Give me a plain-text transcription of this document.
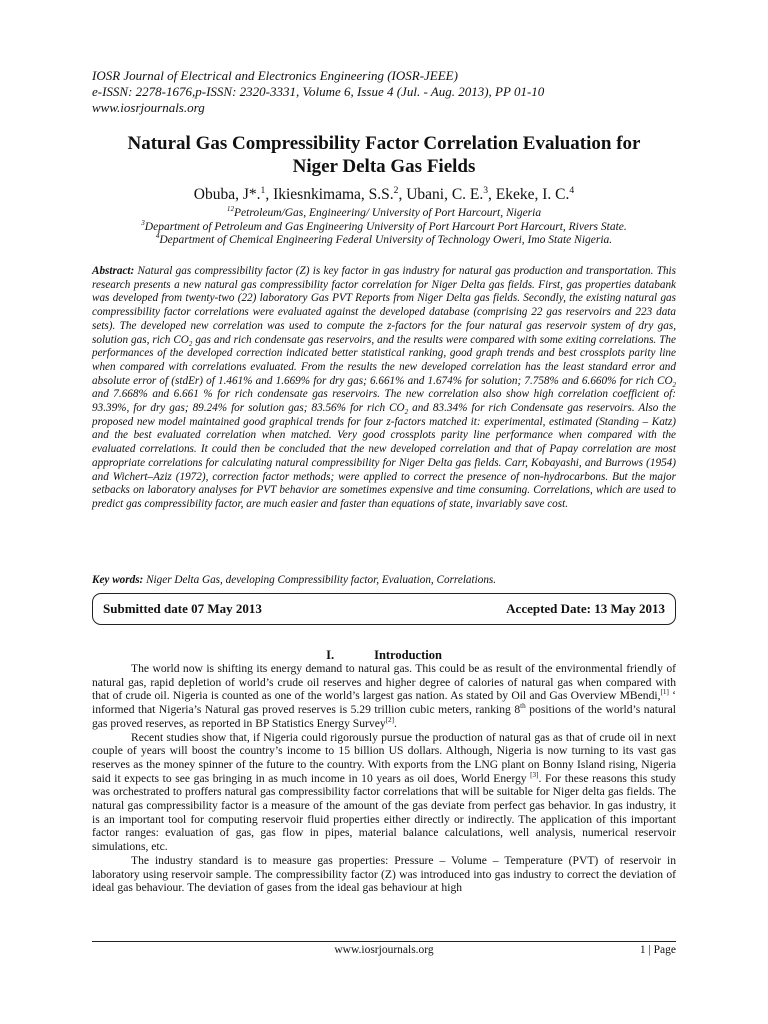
IOSR Journal of Electrical and Electronics Engineering (IOSR-JEEE)
e-ISSN: 2278-1676,p-ISSN: 2320-3331, Volume 6, Issue 4 (Jul. - Aug. 2013), PP 01-10
www.iosrjournals.org
Natural Gas Compressibility Factor Correlation Evaluation for
Niger Delta Gas Fields
Obuba, J*.$^1$, Ikiesnkimama, S.S.$^2$, Ubani, C. E.$^3$, Ekeke, I. C.$^4$
$^{12}$Petroleum/Gas, Engineering/ University of Port Harcourt, Nigeria
$^3$Department of Petroleum and Gas Engineering University of Port Harcourt Port Harcourt, Rivers State.
$^4$Department of Chemical Engineering Federal University of Technology Oweri, Imo State Nigeria.
Abstract: Natural gas compressibility factor (Z) is key factor in gas industry for natural gas production and transportation. This research presents a new natural gas compressibility factor correlation for Niger Delta gas fields. First, gas properties databank was developed from twenty-two (22) laboratory Gas PVT Reports from Niger Delta gas fields. Secondly, the existing natural gas compressibility factor correlations were evaluated against the developed database (comprising 22 gas reservoirs and 223 data sets). The developed new correlation was used to compute the z-factors for the four natural gas reservoir system of dry gas, solution gas, rich $CO_2$ gas and rich condensate gas reservoirs, and the results were compared with some exiting correlations. The performances of the developed correction indicated better statistical ranking, good graph trends and best crossplots parity line when compared with correlations evaluated. From the results the new developed correlation has the least standard error and absolute error of (stdEr) of 1.461% and 1.669% for dry gas; 6.661% and 1.674% for solution; 7.758% and 6.660% for rich $CO_2$ and 7.668% and 6.661 % for rich condensate gas reservoirs. The new correlation also show high correlation coefficient of: 93.39%, for dry gas; 89.24% for solution gas; 83.56% for rich $CO_2$ and 83.34% for rich Condensate gas reservoirs. Also the proposed new model maintained good graphical trends for four z-factors matched it: experimental, estimated (Standing – Katz) and the best evaluated correlation when matched. Very good crossplots parity line performance when compared with the evaluated correlations. It could then be concluded that the new developed correlation and that of Papay correlation are most appropriate correlations for calculating natural compressibility for Niger Delta gas fields. Carr, Kobayashi, and Burrows (1954) and Wichert–Aziz (1972), correction factor methods; were applied to correct the presence of non-hydrocarbons. But the major setbacks on laboratory analyses for PVT behavior are sometimes expensive and time consuming. Correlations, which are used to predict gas compressibility factor, are much easier and faster than equations of state, invariably save cost.
Key words: Niger Delta Gas, developing Compressibility factor, Evaluation, Correlations.
Submitted date 07 May 2013	Accepted Date: 13 May 2013
I.	Introduction

The world now is shifting its energy demand to natural gas. This could be as result of the environmental friendly of natural gas, rapid depletion of world’s crude oil reserves and higher degree of calories of natural gas when compared with that of crude oil. Nigeria is counted as one of the world’s largest gas nation. As stated by Oil and Gas Overview MBendi,[1] ‘ informed that Nigeria’s Natural gas proved reserves is 5.29 trillion cubic meters, ranking 8th positions of the world’s natural gas proved reserves, as reported in BP Statistics Energy Survey[2].

Recent studies show that, if Nigeria could rigorously pursue the production of natural gas as that of crude oil in next couple of years will boost the country’s income to 15 billion US dollars. Although, Nigeria is now turning to its vast gas reserves as the money spinner of the future to the country. With exports from the LNG plant on Bonny Island rising, Nigeria said it expects to see gas bringing in as much income in 10 years as oil does, World Energy [3]. For these reasons this study was orchestrated to proffers natural gas compressibility factor correlations that will be suitable for Niger delta gas fields. The natural gas compressibility factor is a measure of the amount of the gas deviate from perfect gas behavior. In gas industry, it is an important tool for computing reservoir fluid properties either directly or indirectly. The application of this important factor ranges: evaluation of gas, gas flow in pipes, material balance calculations, well analysis, numerical reservoir simulations, etc.

The industry standard is to measure gas properties: Pressure – Volume – Temperature (PVT) of reservoir in laboratory using reservoir sample. The compressibility factor (Z) was introduced into gas industry to correct the deviation of ideal gas behaviour. The deviation of gases from the ideal gas behaviour at high

www.iosrjournals.org	1 | Page
